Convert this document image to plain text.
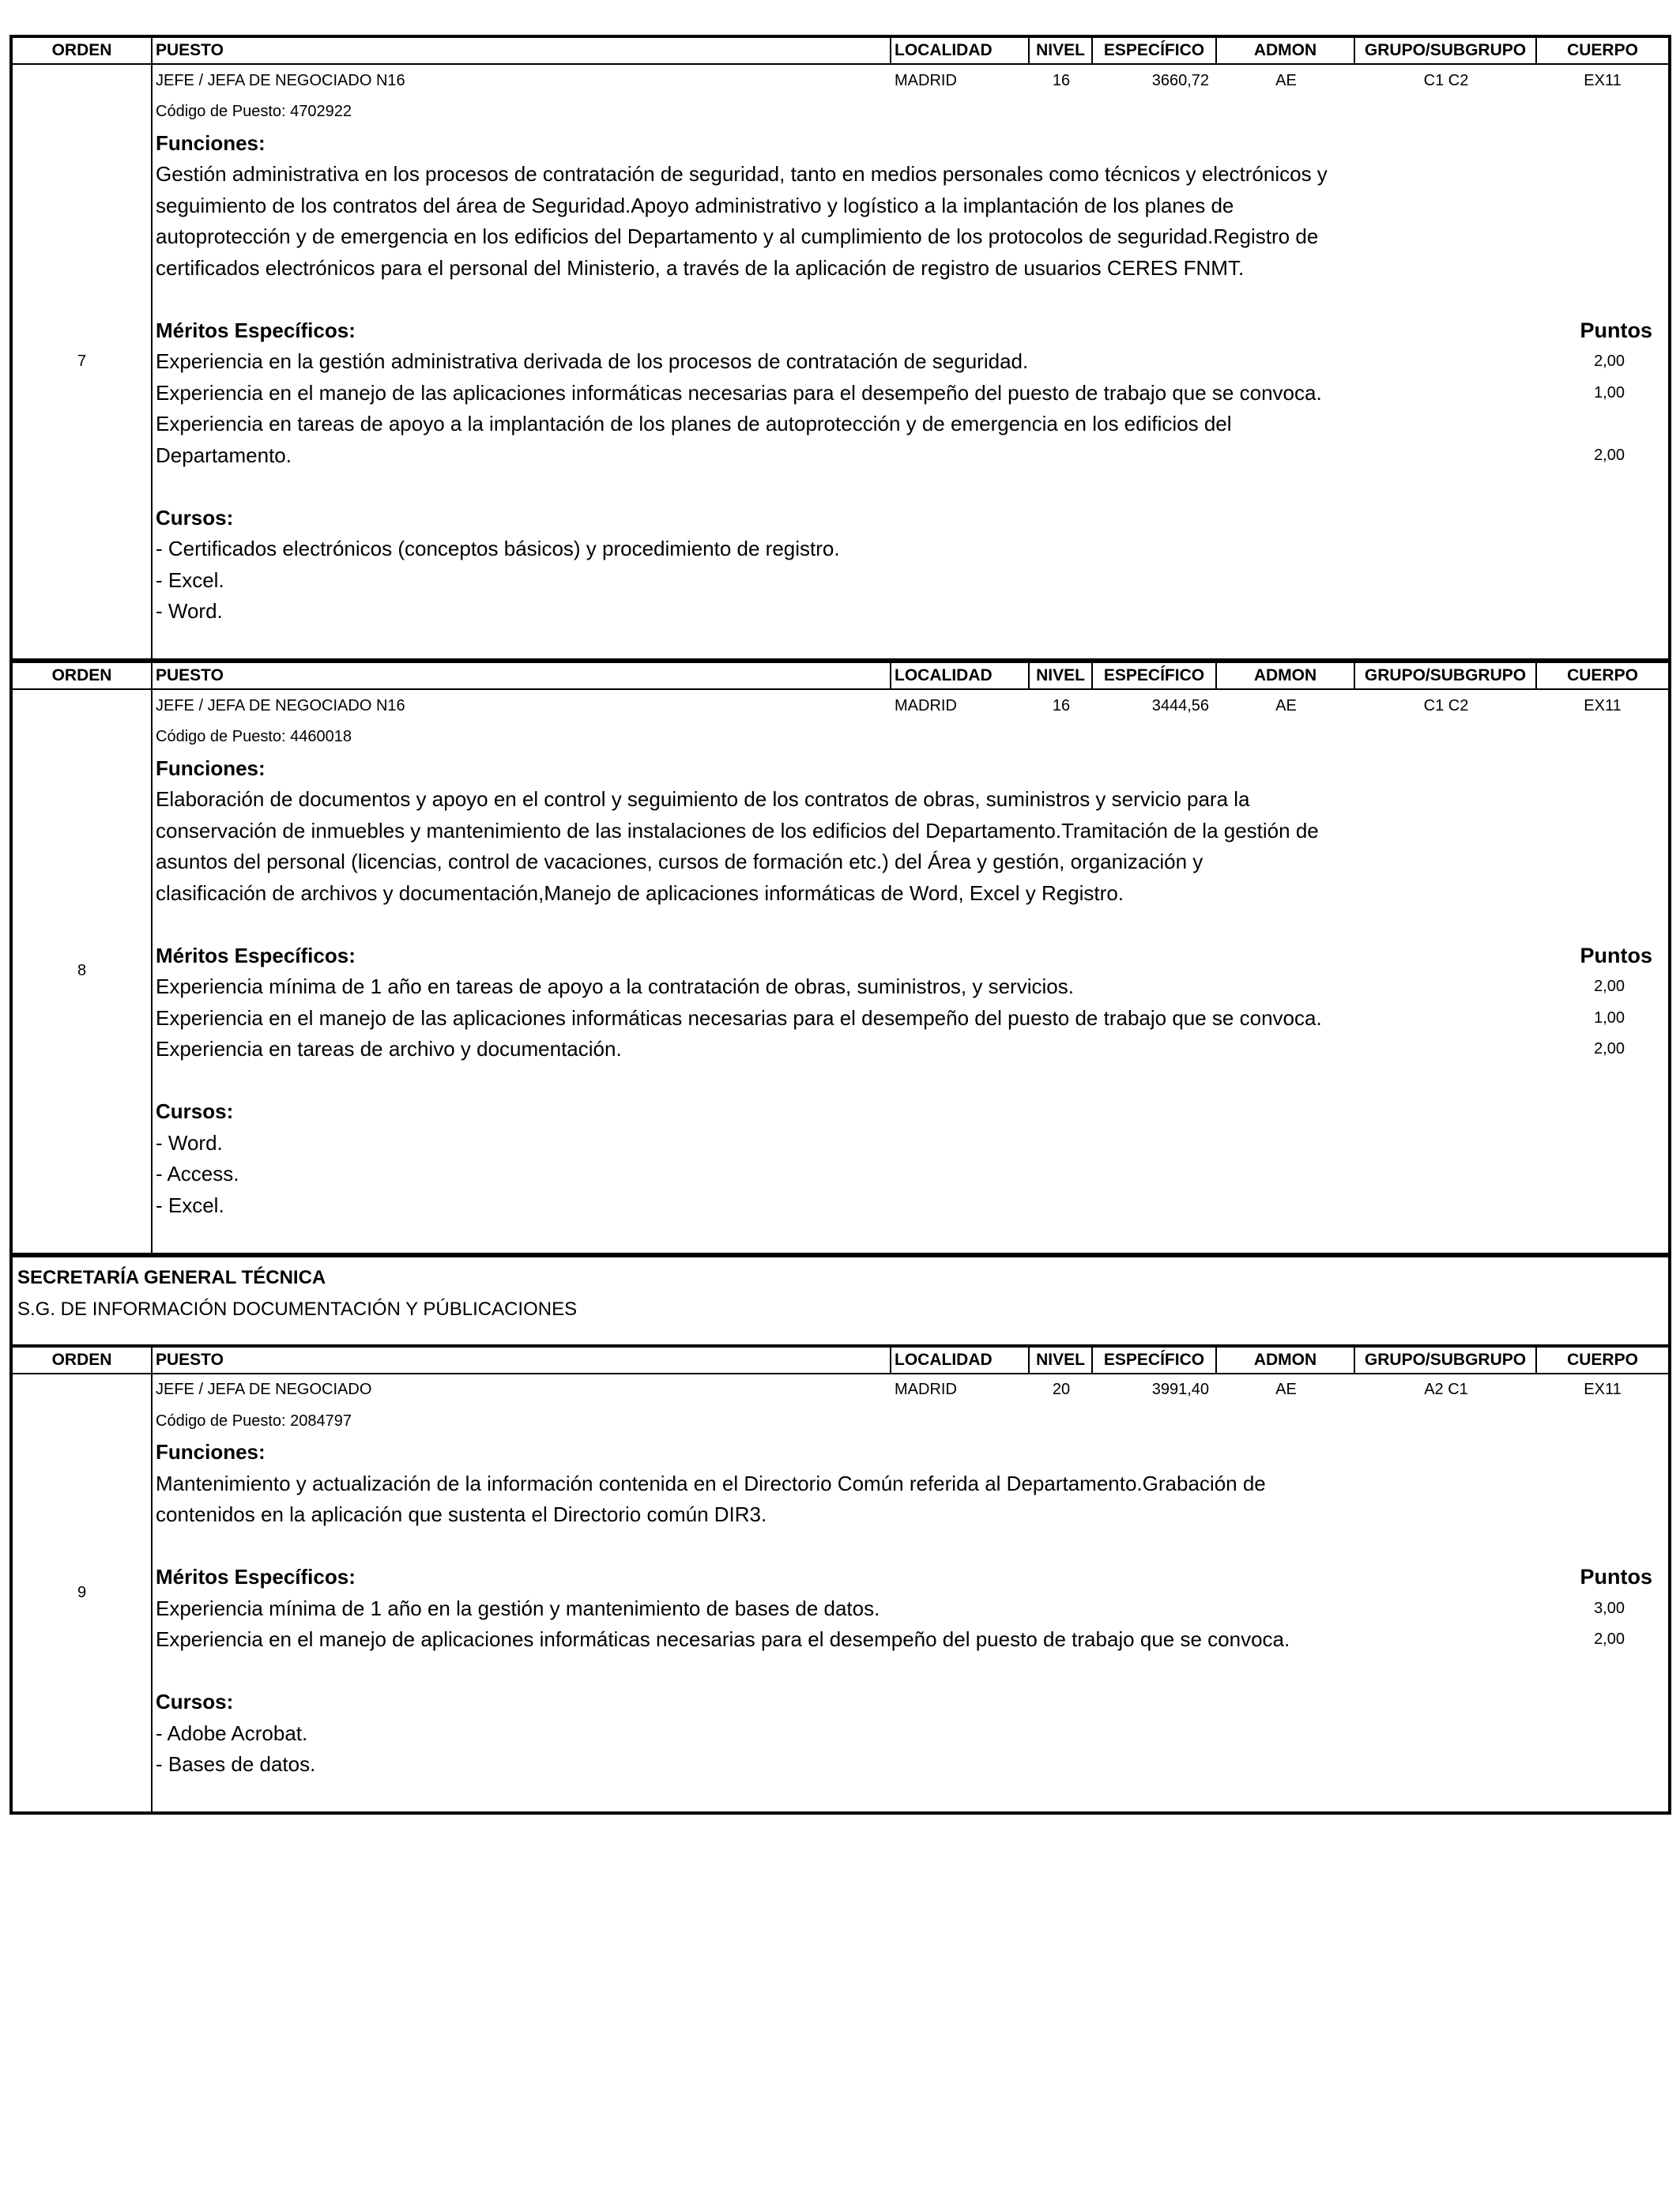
ORDEN	PUESTO	LOCALIDAD	NIVEL	ESPECÍFICO	ADMON	GRUPO/SUBGRUPO	CUERPO
7
JEFE / JEFA DE NEGOCIADO N16	MADRID	16	3660,72	AE	C1 C2	EX11
Código de Puesto: 4702922
Funciones:
Gestión administrativa en los procesos de contratación de seguridad, tanto en medios personales como técnicos y electrónicos y
seguimiento de los contratos del área de Seguridad.Apoyo administrativo y logístico a la implantación de los planes de
autoprotección y de emergencia en los edificios del Departamento y al cumplimiento de los protocolos de seguridad.Registro de
certificados electrónicos para el personal del Ministerio, a través de la aplicación de registro de usuarios CERES FNMT.
Méritos Específicos:	Puntos
Experiencia en la gestión administrativa derivada de los procesos de contratación de seguridad.	2,00
Experiencia en el manejo de las aplicaciones informáticas necesarias para el desempeño del puesto de trabajo que se convoca.	1,00
Experiencia en tareas de apoyo a la implantación de los planes de autoprotección y de emergencia en los edificios del
Departamento.	2,00
Cursos:
- Certificados electrónicos (conceptos básicos) y procedimiento de registro.
- Excel.
- Word.
ORDEN	PUESTO	LOCALIDAD	NIVEL	ESPECÍFICO	ADMON	GRUPO/SUBGRUPO	CUERPO
8
JEFE / JEFA DE NEGOCIADO N16	MADRID	16	3444,56	AE	C1 C2	EX11
Código de Puesto: 4460018
Funciones:
Elaboración de documentos y apoyo en el control y seguimiento de los contratos de obras, suministros y servicio para la
conservación de inmuebles y mantenimiento de las instalaciones de los edificios del Departamento.Tramitación de la gestión de
asuntos del personal (licencias, control de vacaciones, cursos de formación etc.) del Área y gestión, organización y
clasificación de archivos y documentación,Manejo de aplicaciones informáticas de Word, Excel y Registro.
Méritos Específicos:	Puntos
Experiencia mínima de 1 año en tareas de apoyo a la contratación de obras, suministros, y servicios.	2,00
Experiencia en el manejo de las aplicaciones informáticas necesarias para el desempeño del puesto de trabajo que se convoca.	1,00
Experiencia en tareas de archivo y documentación.	2,00
Cursos:
- Word.
- Access.
- Excel.
SECRETARÍA GENERAL TÉCNICA
S.G. DE INFORMACIÓN DOCUMENTACIÓN Y PÚBLICACIONES
ORDEN	PUESTO	LOCALIDAD	NIVEL	ESPECÍFICO	ADMON	GRUPO/SUBGRUPO	CUERPO
9
JEFE / JEFA DE NEGOCIADO	MADRID	20	3991,40	AE	A2 C1	EX11
Código de Puesto: 2084797
Funciones:
Mantenimiento y actualización de la información contenida en el Directorio Común referida al Departamento.Grabación de
contenidos en la aplicación que sustenta el Directorio común DIR3.
Méritos Específicos:	Puntos
Experiencia mínima de 1 año en la gestión y mantenimiento de bases de datos.	3,00
Experiencia en el manejo de aplicaciones informáticas necesarias para el desempeño del puesto de trabajo que se convoca.	2,00
Cursos:
- Adobe Acrobat.
- Bases de datos.
